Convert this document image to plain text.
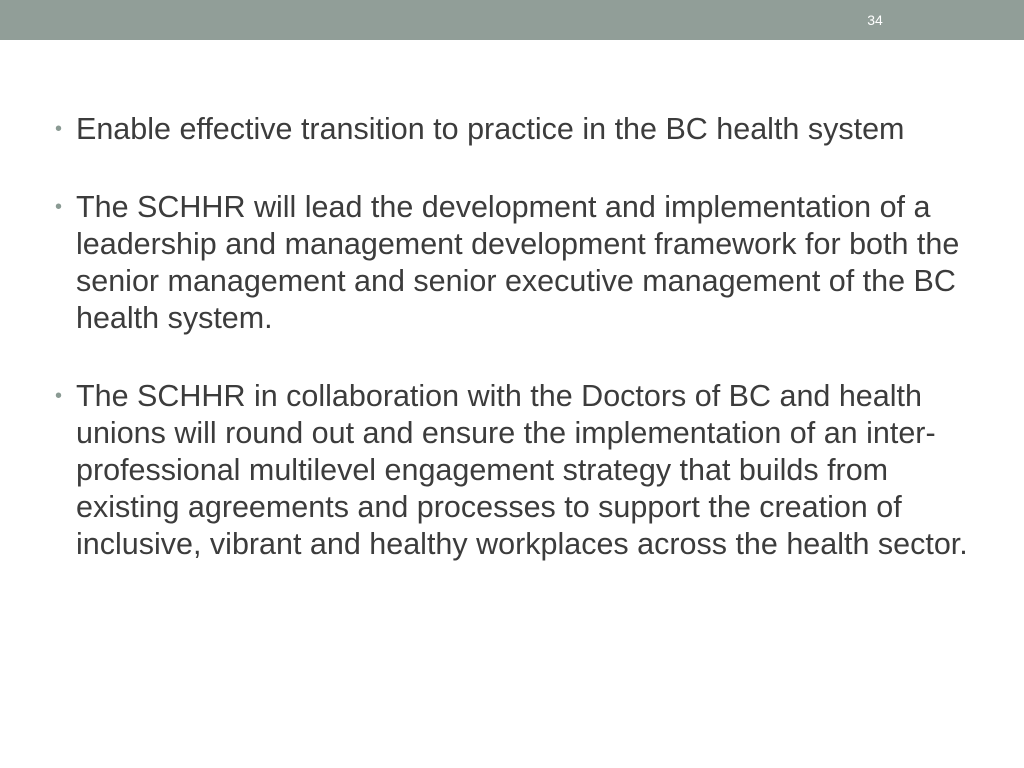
34
• Enable effective transition to practice in the BC health system
• The SCHHR will lead the development and implementation of a leadership and management development framework for both the senior management and senior executive management of the BC health system.
• The SCHHR in collaboration with the Doctors of BC and health unions will round out and ensure the implementation of an inter-professional multilevel engagement strategy that builds from existing agreements and processes to support the creation of inclusive, vibrant and healthy workplaces across the health sector.
